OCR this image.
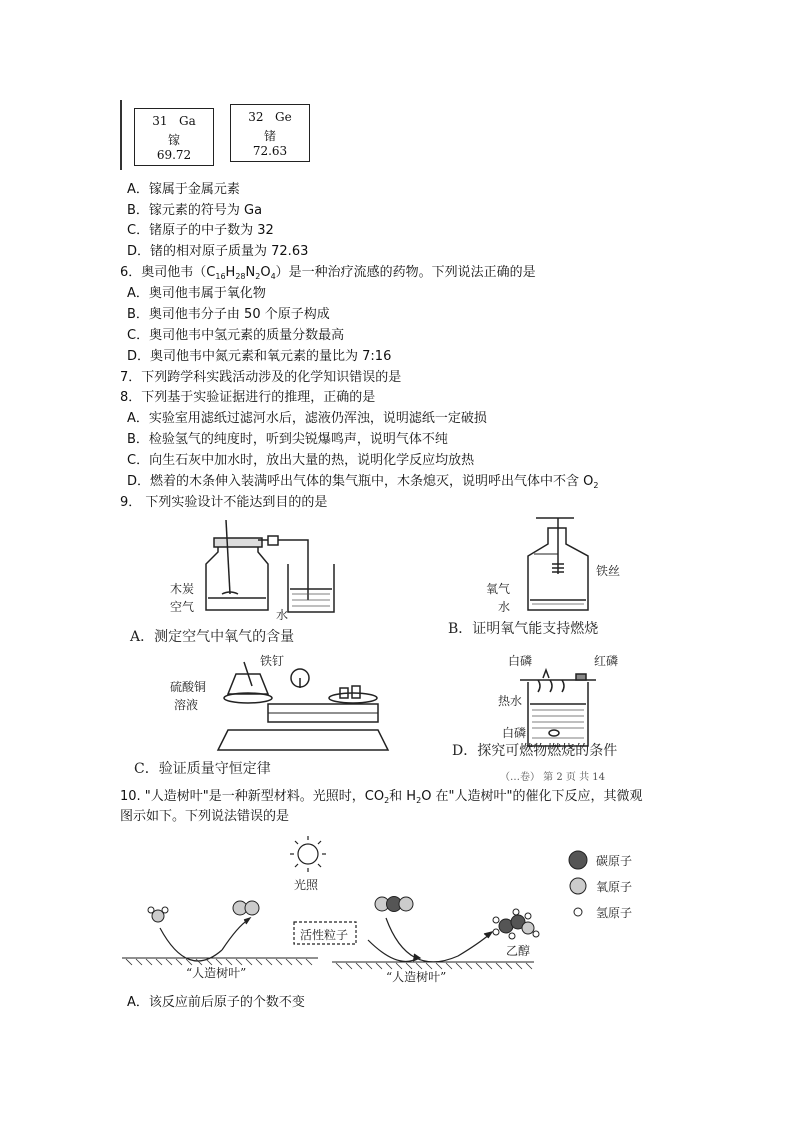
31 Ga
镓
69.72
32 Ge
锗
72.63
A．镓属于金属元素
B．镓元素的符号为 Ga
C．锗原子的中子数为 32
D．锗的相对原子质量为 72.63
6．奥司他韦$(C_{16}H_{28}N_2O_4)$是一种治疗流感的药物。下列说法正确的是
A．奥司他韦属于氧化物
B．奥司他韦分子由 50 个原子构成
C．奥司他韦中氢元素的质量分数最高
D．奥司他韦中氮元素和氧元素的量比为 7:16
7．下列跨学科实践活动涉及的化学知识错误的是
8．下列基于实验证据进行的推理，正确的是
A．实验室用滤纸过滤河水后，滤液仍浑浊，说明滤纸一定破损
B．检验氢气的纯度时，听到尖锐爆鸣声，说明气体不纯
C．向生石灰中加水时，放出大量的热，说明化学反应均放热
D．燃着的木条伸入装满呼出气体的集气瓶中，木条熄灭，说明呼出气体中不含 $O_2$
9． 下列实验设计不能达到目的的是
木炭
空气
水
氧气
铁丝
水
铁钉
硫酸铜
溶液
白磷	红磷
热水
白磷
A．测定空气中氧气的含量	B．证明氧气能支持燃烧
C．验证质量守恒定律
D．探究可燃物燃烧的条件
（…卷） 第 2 页 共 14
10. "人造树叶"是一种新型材料。光照时，$CO_2$和 $H_2O$ 在"人造树叶"的催化下反应，其微观
图示如下。下列说法错误的是
光照
活性粒子
“人造树叶”	“人造树叶”
乙醇
碳原子
氧原子
氢原子
A．该反应前后原子的个数不变
